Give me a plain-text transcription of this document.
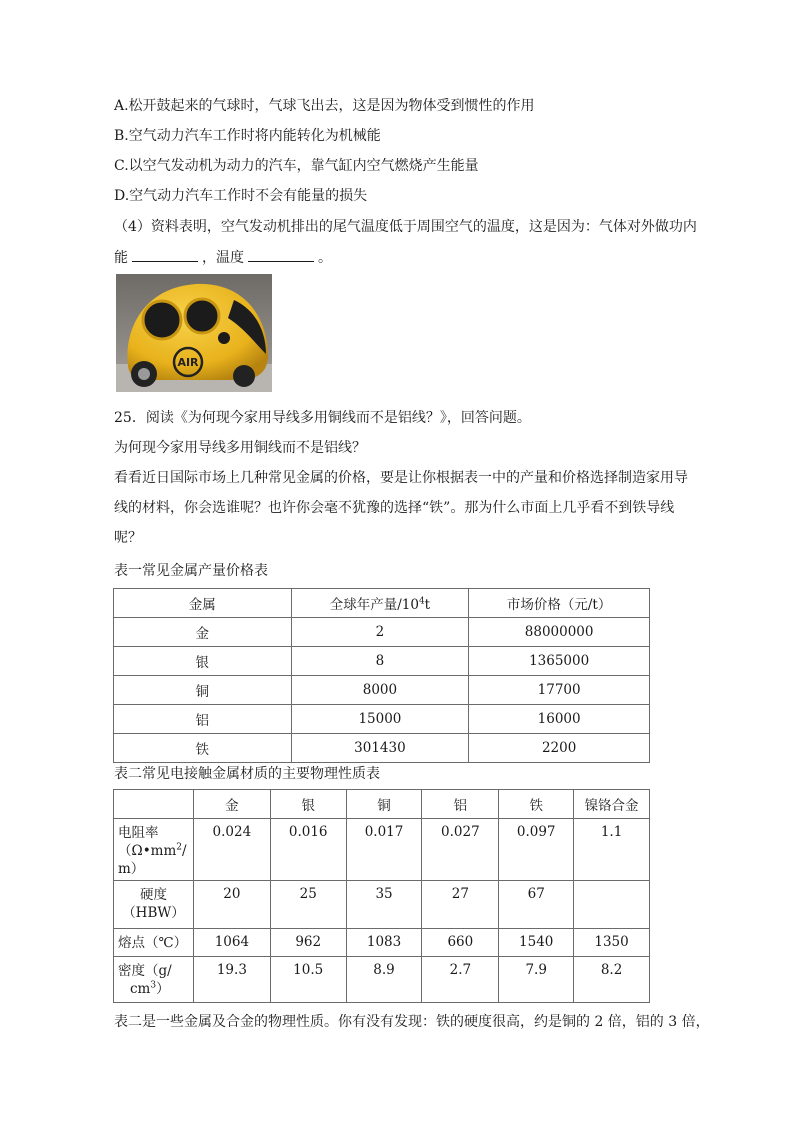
A.松开鼓起来的气球时，气球飞出去，这是因为物体受到惯性的作用
B.空气动力汽车工作时将内能转化为机械能
C.以空气发动机为动力的汽车，靠气缸内空气燃烧产生能量
D.空气动力汽车工作时不会有能量的损失
（4）资料表明，空气发动机排出的尾气温度低于周围空气的温度，这是因为：气体对外做功内
能	，温度	。
AIR
25．阅读《为何现今家用导线多用铜线而不是铝线？》，回答问题。
为何现今家用导线多用铜线而不是铝线？
看看近日国际市场上几种常见金属的价格，要是让你根据表一中的产量和价格选择制造家用导
线的材料，你会选谁呢？也许你会毫不犹豫的选择“铁”。那为什么市面上几乎看不到铁导线
呢？
表一常见金属产量价格表
金属	全球年产量$/10^4t$	市场价格（元/t）
金	2	88000000
银	8	1365000
铜	8000	17700
铝	15000	16000
铁	301430	2200
表二常见电接触金属材质的主要物理性质表
	金	银	铜	铝	铁	镍铬合金
电阻率
（$\Omega•mm^2/$
m）	0.024	0.016	0.017	0.027	0.097	1.1
硬度
（HBW）	20	25	35	27	67	
熔点（℃）	1064	962	1083	660	1540	1350
密度（g/
$cm^3$）	19.3	10.5	8.9	2.7	7.9	8.2
表二是一些金属及合金的物理性质。你有没有发现：铁的硬度很高，约是铜的 2 倍，铝的 3 倍，
